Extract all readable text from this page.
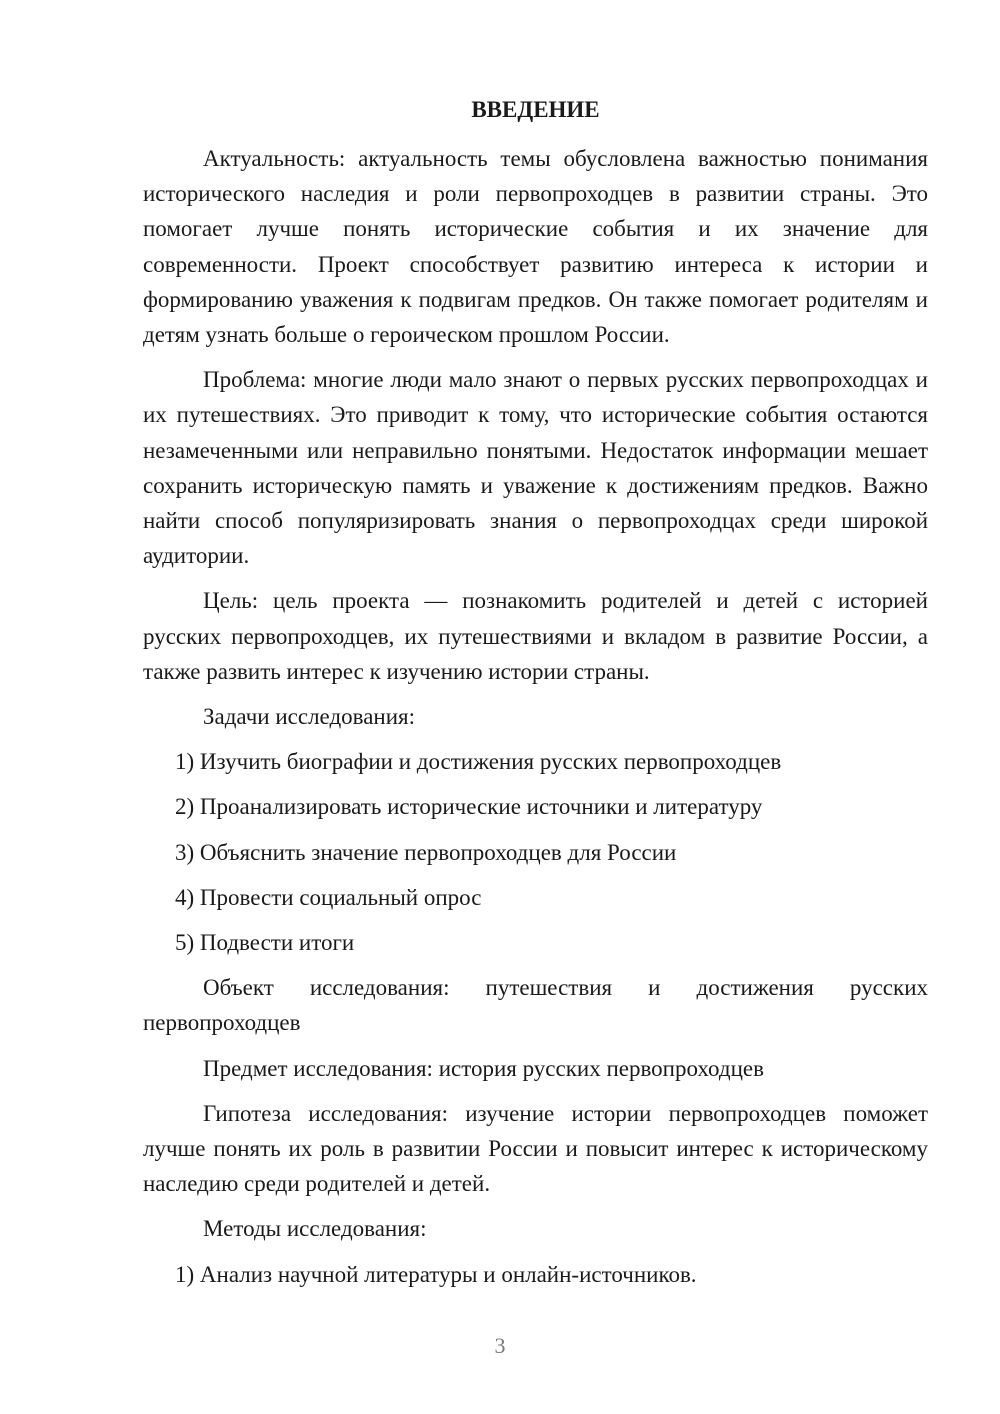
ВВЕДЕНИЕ

Актуальность: актуальность темы обусловлена важностью понимания исторического наследия и роли первопроходцев в развитии страны. Это помогает лучше понять исторические события и их значение для современности. Проект способствует развитию интереса к истории и формированию уважения к подвигам предков. Он также помогает родителям и детям узнать больше о героическом прошлом России.

Проблема: многие люди мало знают о первых русских первопроходцах и их путешествиях. Это приводит к тому, что исторические события остаются незамеченными или неправильно понятыми. Недостаток информации мешает сохранить историческую память и уважение к достижениям предков. Важно найти способ популяризировать знания о первопроходцах среди широкой аудитории.

Цель: цель проекта — познакомить родителей и детей с историей русских первопроходцев, их путешествиями и вкладом в развитие России, а также развить интерес к изучению истории страны.

Задачи исследования:

1) Изучить биографии и достижения русских первопроходцев
2) Проанализировать исторические источники и литературу
3) Объяснить значение первопроходцев для России
4) Провести социальный опрос
5) Подвести итоги

Объект исследования: путешествия и достижения русских первопроходцев

Предмет исследования: история русских первопроходцев

Гипотеза исследования: изучение истории первопроходцев поможет лучше понять их роль в развитии России и повысит интерес к историческому наследию среди родителей и детей.

Методы исследования:

1) Анализ научной литературы и онлайн-источников.
3
